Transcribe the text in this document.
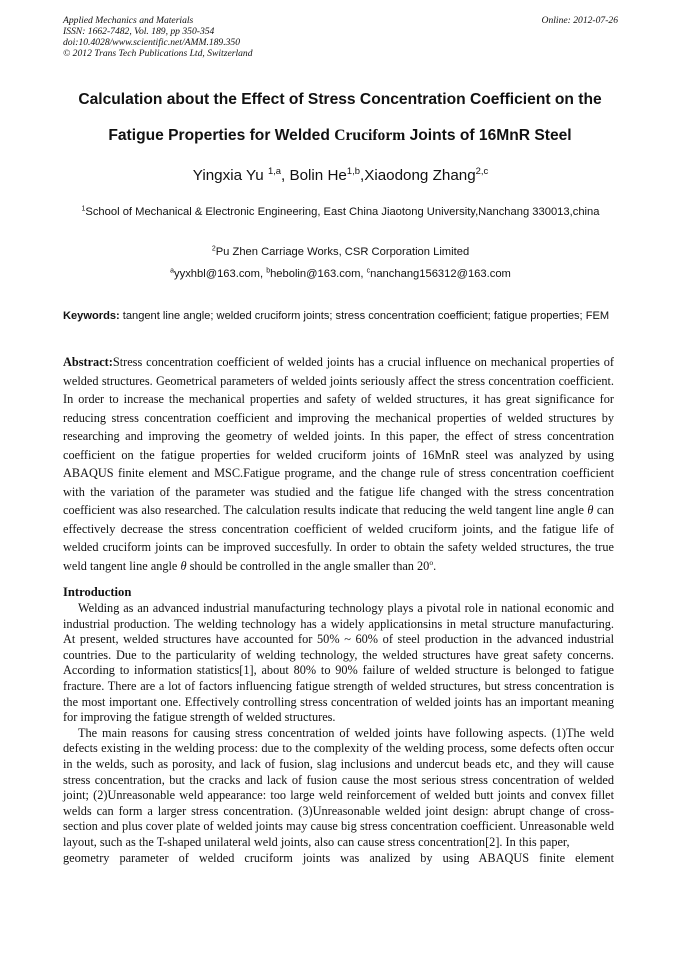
Applied Mechanics and Materials
ISSN: 1662-7482, Vol. 189, pp 350-354
doi:10.4028/www.scientific.net/AMM.189.350
© 2012 Trans Tech Publications Ltd, Switzerland
Online: 2012-07-26
Calculation about the Effect of Stress Concentration Coefficient on the
Fatigue Properties for Welded Cruciform Joints of 16MnR Steel
Yingxia Yu $^{1,a}$, Bolin He$^{1,b}$,Xiaodong Zhang$^{2,c}$
$^1$School of Mechanical & Electronic Engineering, East China Jiaotong University,Nanchang 330013,china
$^2$Pu Zhen Carriage Works, CSR Corporation Limited
$^a$yyxhbl@163.com, $^b$hebolin@163.com, $^c$nanchang156312@163.com
Keywords: tangent line angle; welded cruciform joints; stress concentration coefficient; fatigue properties; FEM

Abstract:Stress concentration coefficient of welded joints has a crucial influence on mechanical properties of welded structures. Geometrical parameters of welded joints seriously affect the stress concentration coefficient. In order to increase the mechanical properties and safety of welded structures, it has great significance for reducing stress concentration coefficient and improving the mechanical properties of welded structures by researching and improving the geometry of welded joints. In this paper, the effect of stress concentration coefficient on the fatigue properties for welded cruciform joints of 16MnR steel was analyzed by using ABAQUS finite element and MSC.Fatigue programe, and the change rule of stress concentration coefficient with the variation of the parameter was studied and the fatigue life changed with the stress concentration coefficient was also researched. The calculation results indicate that reducing the weld tangent line angle θ can effectively decrease the stress concentration coefficient of welded cruciform joints, and the fatigue life of welded cruciform joints can be improved succesfully. In order to obtain the safety welded structures, the true weld tangent line angle θ should be controlled in the angle smaller than 20$^o$.

Introduction

Welding as an advanced industrial manufacturing technology plays a pivotal role in national economic and industrial production. The welding technology has a widely applicationsins in metal structure manufacturing. At present, welded structures have accounted for 50% ~ 60% of steel production in the advanced industrial countries. Due to the particularity of welding technology, the welded structures have great safety concerns. According to information statistics[1], about 80% to 90% failure of welded structure is belonged to fatigue fracture. There are a lot of factors influencing fatigue strength of welded structures, but stress concentration is the most important one. Effectively controlling stress concentration of welded joints has an important meaning for improving the fatigue strength of welded structures.

The main reasons for causing stress concentration of welded joints have following aspects. (1)The weld defects existing in the welding process: due to the complexity of the welding process, some defects often occur in the welds, such as porosity, and lack of fusion, slag inclusions and undercut beads etc, and they will cause stress concentration, but the cracks and lack of fusion cause the most serious stress concentration of welded joint; (2)Unreasonable weld appearance: too large weld reinforcement of welded butt joints and convex fillet welds can form a larger stress concentration. (3)Unreasonable welded joint design: abrupt change of cross-section and plus cover plate of welded joints may cause big stress concentration coefficient. Unreasonable weld layout, such as the T-shaped unilateral weld joints, also can cause stress concentration[2]. In this paper,

geometry parameter of welded cruciform joints was analized by using ABAQUS finite element
